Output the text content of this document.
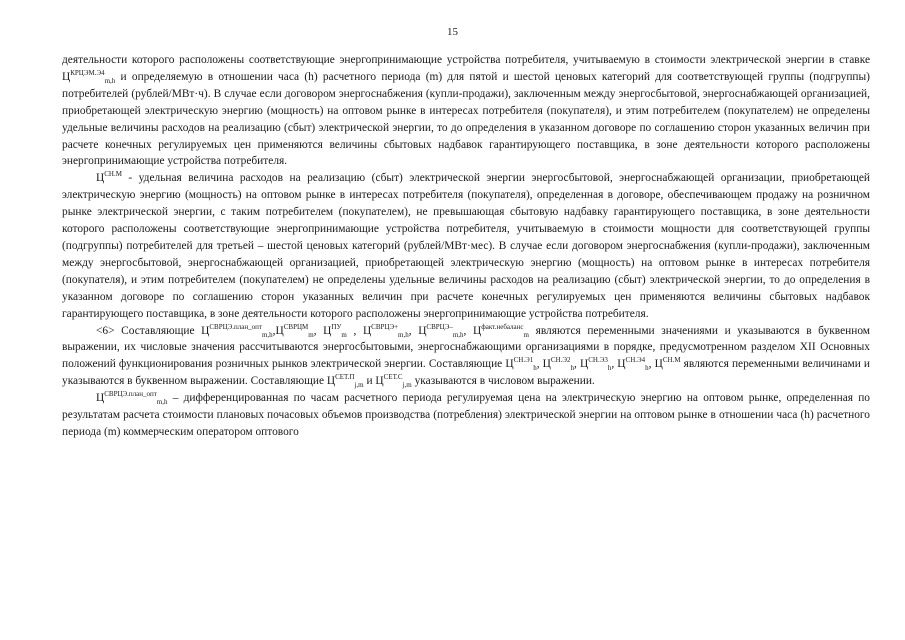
15

деятельности которого расположены соответствующие энергопринимающие устройства потребителя, учитываемую в стоимости электрической энергии в ставке $Ц^{КРЦЭМ.Э4}_{m,h}$ и определяемую в отношении часа (h) расчетного периода (m) для пятой и шестой ценовых категорий для соответствующей группы (подгруппы) потребителей (рублей/МВт·ч). В случае если договором энергоснабжения (купли-продажи), заключенным между энергосбытовой, энергоснабжающей организацией, приобретающей электрическую энергию (мощность) на оптовом рынке в интересах потребителя (покупателя), и этим потребителем (покупателем) не определены удельные величины расходов на реализацию (сбыт) электрической энергии, то до определения в указанном договоре по соглашению сторон указанных величин при расчете конечных регулируемых цен применяются величины сбытовых надбавок гарантирующего поставщика, в зоне деятельности которого расположены энергопринимающие устройства потребителя.

$Ц^{СН.М}$ - удельная величина расходов на реализацию (сбыт) электрической энергии энергосбытовой, энергоснабжающей организации, приобретающей электрическую энергию (мощность) на оптовом рынке в интересах потребителя (покупателя), определенная в договоре, обеспечивающем продажу на розничном рынке электрической энергии, с таким потребителем (покупателем), не превышающая сбытовую надбавку гарантирующего поставщика, в зоне деятельности которого расположены соответствующие энергопринимающие устройства потребителя, учитываемую в стоимости мощности для соответствующей группы (подгруппы) потребителей для третьей – шестой ценовых категорий (рублей/МВт·мес). В случае если договором энергоснабжения (купли-продажи), заключенным между энергосбытовой, энергоснабжающей организацией, приобретающей электрическую энергию (мощность) на оптовом рынке в интересах потребителя (покупателя), и этим потребителем (покупателем) не определены удельные величины расходов на реализацию (сбыт) электрической энергии, то до определения в указанном договоре по соглашению сторон указанных величин при расчете конечных регулируемых цен применяются величины сбытовых надбавок гарантирующего поставщика, в зоне деятельности которого расположены энергопринимающие устройства потребителя.

<6> Составляющие $Ц^{СВРЦЭ.план\_опт}_{m,h},Ц^{СВРЦМ}_m$, $Ц^{ПУ}_m$ , $Ц^{СВРЦЭ+}_{m,h}$, $Ц^{СВРЦЭ-}_{m,h}$, $Ц^{факт.небаланс}_m$ являются переменными значениями и указываются в буквенном выражении, их числовые значения рассчитываются энергосбытовыми, энергоснабжающими организациями в порядке, предусмотренном разделом XII Основных положений функционирования розничных рынков электрической энергии. Составляющие $Ц^{СН.Э1}_h$, $Ц^{СН.Э2}_h$, $Ц^{СН.Э3}_h$, $Ц^{СН.Э4}_h$, $Ц^{СН.М}$ являются переменными величинами и указываются в буквенном выражении. Составляющие $Ц^{СЕТ.П}_{j,m}$ и $Ц^{СЕТ.С}_{j,m}$ указываются в числовом выражении.

$Ц^{СВРЦЭ.план\_опт}_{m,h}$ – дифференцированная по часам расчетного периода регулируемая цена на электрическую энергию на оптовом рынке, определенная по результатам расчета стоимости плановых почасовых объемов производства (потребления) электрической энергии на оптовом рынке в отношении часа (h) расчетного периода (m) коммерческим оператором оптового
